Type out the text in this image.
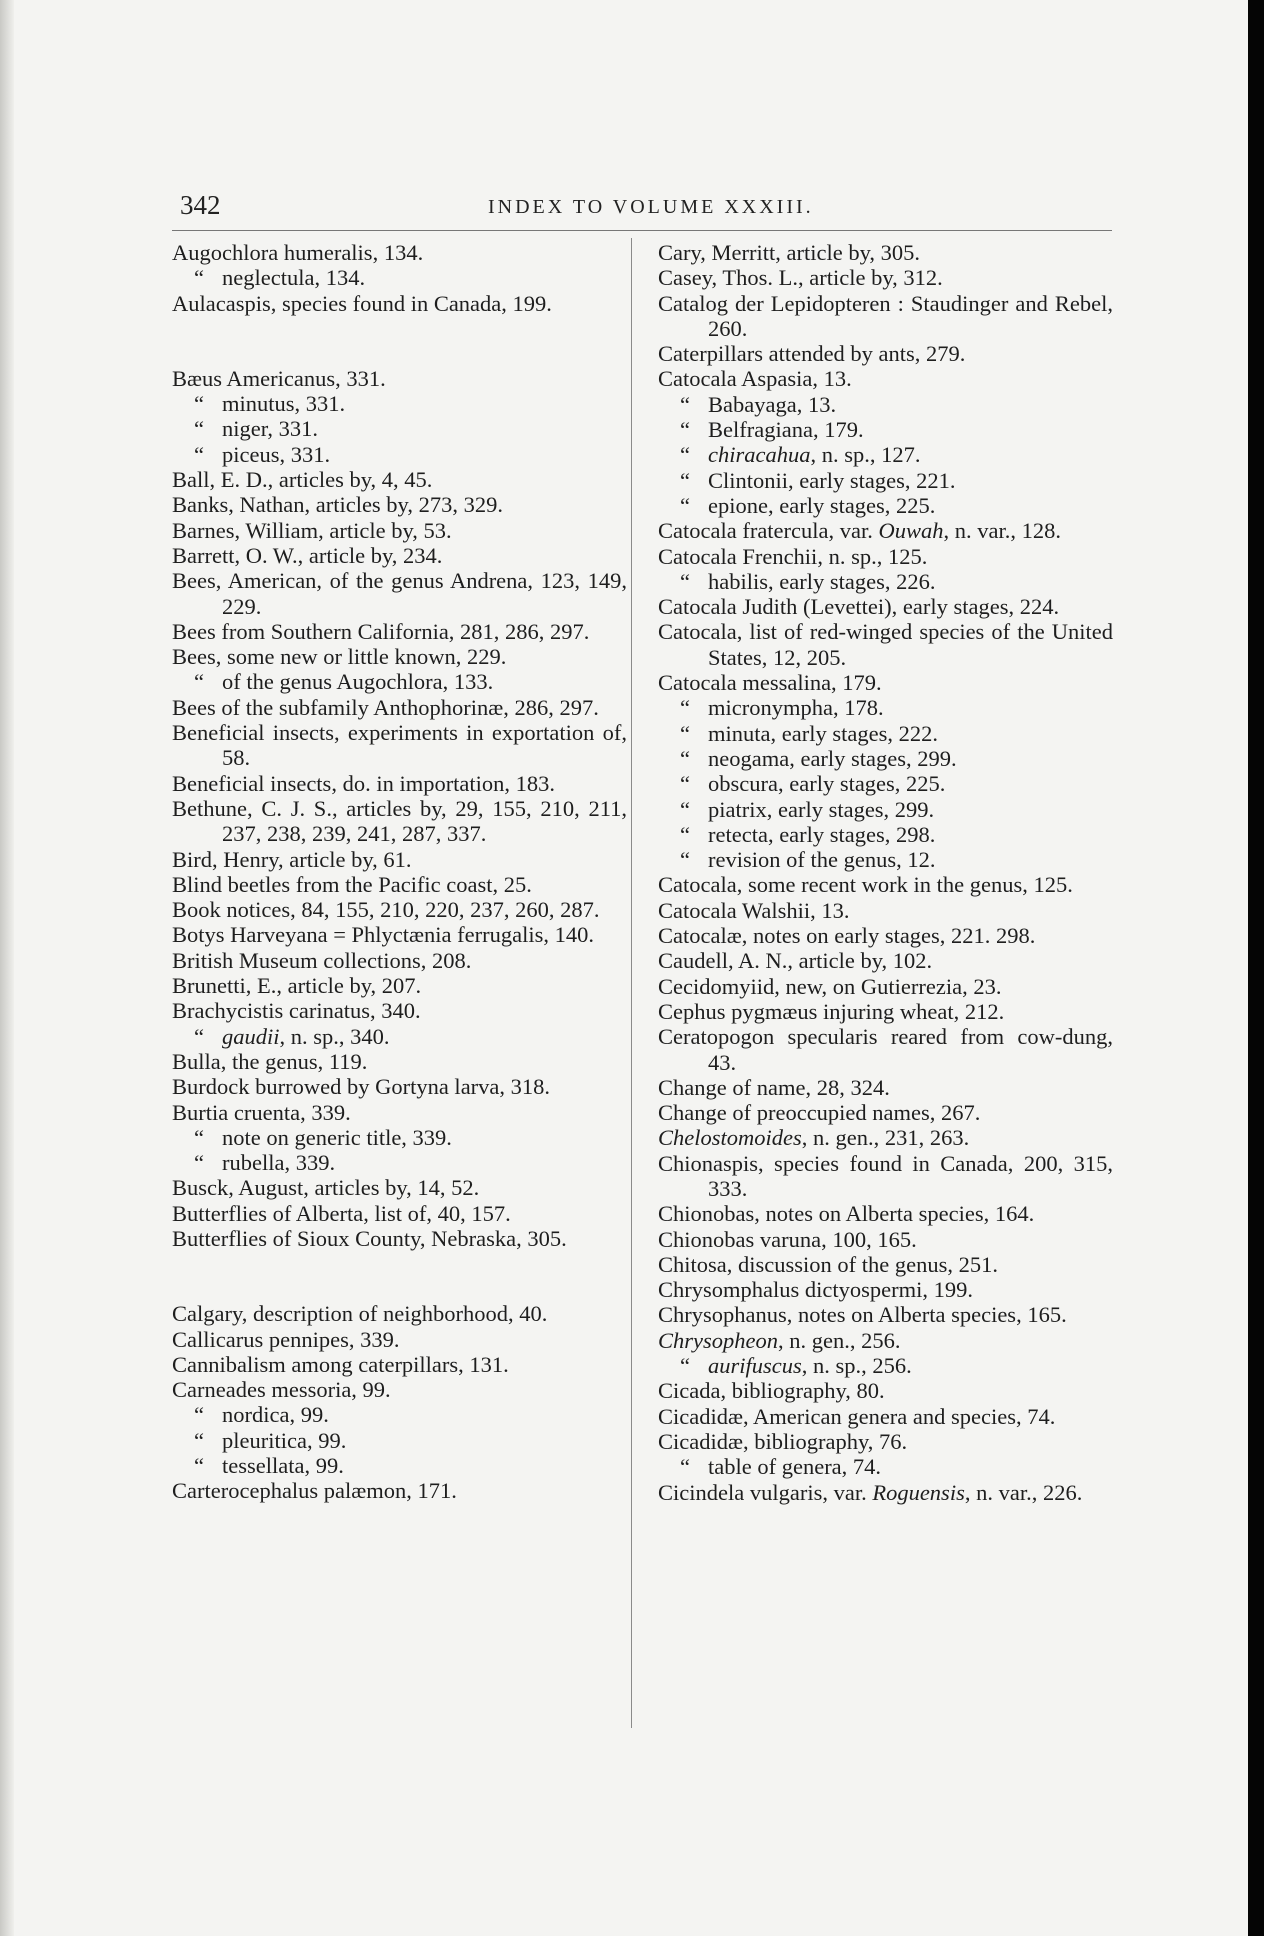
342	INDEX TO VOLUME XXXIII.

Augochlora humeralis, 134.

“ neglectula, 134.

Aulacaspis, species found in Canada, 199.

Bæus Americanus, 331.

“ minutus, 331.

“ niger, 331.

“ piceus, 331.

Ball, E. D., articles by, 4, 45.

Banks, Nathan, articles by, 273, 329.

Barnes, William, article by, 53.

Barrett, O. W., article by, 234.

Bees, American, of the genus Andrena, 123, 149, 229.

Bees from Southern California, 281, 286, 297.

Bees, some new or little known, 229.

“ of the genus Augochlora, 133.

Bees of the subfamily Anthophorinæ, 286, 297.

Beneficial insects, experiments in exportation of, 58.

Beneficial insects, do. in importation, 183.

Bethune, C. J. S., articles by, 29, 155, 210, 211, 237, 238, 239, 241, 287, 337.

Bird, Henry, article by, 61.

Blind beetles from the Pacific coast, 25.

Book notices, 84, 155, 210, 220, 237, 260, 287.

Botys Harveyana = Phlyctænia ferrugalis, 140.

British Museum collections, 208.

Brunetti, E., article by, 207.

Brachycistis carinatus, 340.

“ gaudii, n. sp., 340.

Bulla, the genus, 119.

Burdock burrowed by Gortyna larva, 318.

Burtia cruenta, 339.

“ note on generic title, 339.

“ rubella, 339.

Busck, August, articles by, 14, 52.

Butterflies of Alberta, list of, 40, 157.

Butterflies of Sioux County, Nebraska, 305.

Calgary, description of neighborhood, 40.

Callicarus pennipes, 339.

Cannibalism among caterpillars, 131.

Carneades messoria, 99.

“ nordica, 99.

“ pleuritica, 99.

“ tessellata, 99.

Carterocephalus palæmon, 171.

Cary, Merritt, article by, 305.

Casey, Thos. L., article by, 312.

Catalog der Lepidopteren : Staudinger and Rebel, 260.

Caterpillars attended by ants, 279.

Catocala Aspasia, 13.

“ Babayaga, 13.

“ Belfragiana, 179.

“ chiracahua, n. sp., 127.

“ Clintonii, early stages, 221.

“ epione, early stages, 225.

Catocala fratercula, var. Ouwah, n. var., 128.

Catocala Frenchii, n. sp., 125.

“ habilis, early stages, 226.

Catocala Judith (Levettei), early stages, 224.

Catocala, list of red-winged species of the United States, 12, 205.

Catocala messalina, 179.

“ micronympha, 178.

“ minuta, early stages, 222.

“ neogama, early stages, 299.

“ obscura, early stages, 225.

“ piatrix, early stages, 299.

“ retecta, early stages, 298.

“ revision of the genus, 12.

Catocala, some recent work in the genus, 125.

Catocala Walshii, 13.

Catocalæ, notes on early stages, 221. 298.

Caudell, A. N., article by, 102.

Cecidomyiid, new, on Gutierrezia, 23.

Cephus pygmæus injuring wheat, 212.

Ceratopogon specularis reared from cow-dung, 43.

Change of name, 28, 324.

Change of preoccupied names, 267.

Chelostomoides, n. gen., 231, 263.

Chionaspis, species found in Canada, 200, 315, 333.

Chionobas, notes on Alberta species, 164.

Chionobas varuna, 100, 165.

Chitosa, discussion of the genus, 251.

Chrysomphalus dictyospermi, 199.

Chrysophanus, notes on Alberta species, 165.

Chrysopheon, n. gen., 256.

“ aurifuscus, n. sp., 256.

Cicada, bibliography, 80.

Cicadidæ, American genera and species, 74.

Cicadidæ, bibliography, 76.

“ table of genera, 74.

Cicindela vulgaris, var. Roguensis, n. var., 226.
